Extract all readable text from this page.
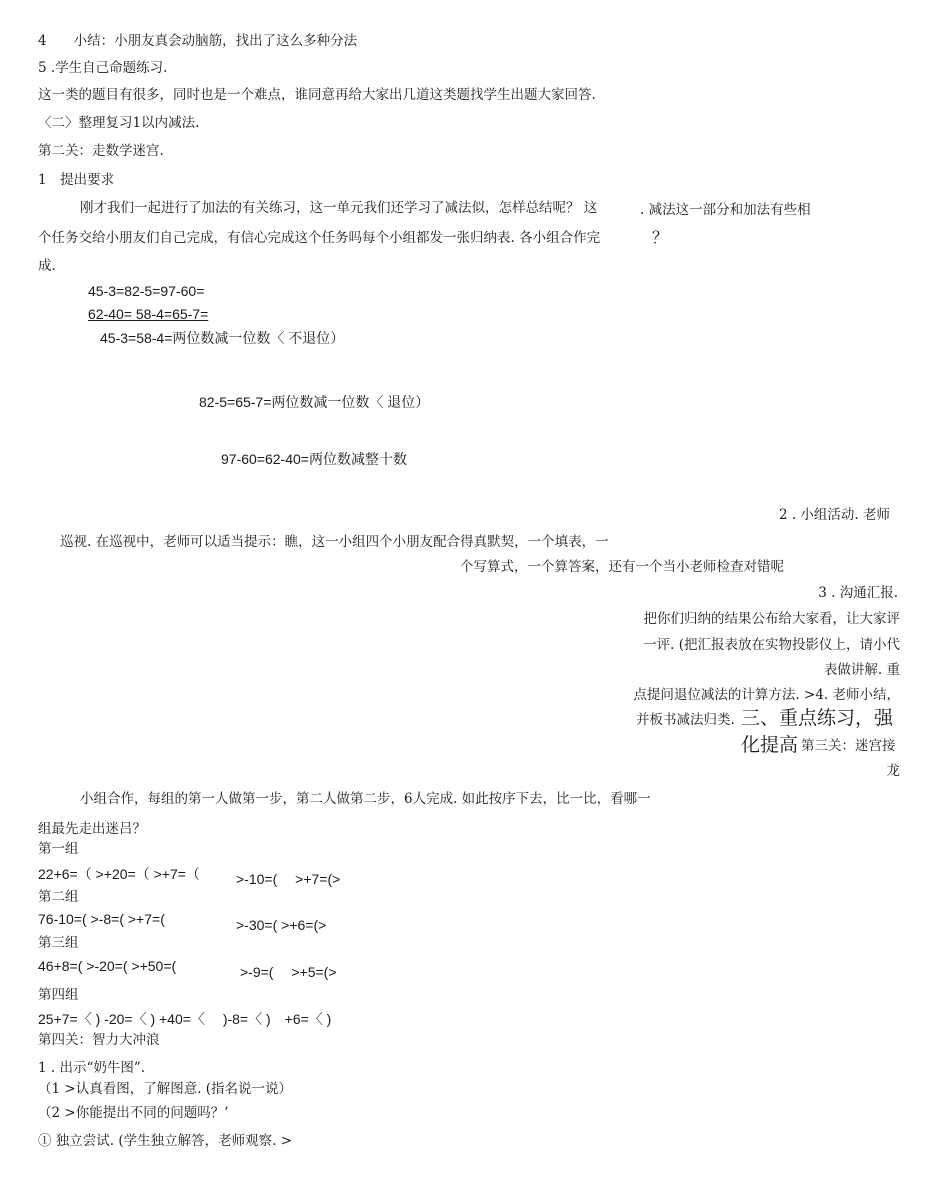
4　　小结：小朋友真会动脑筋，找出了这么多种分法
5 .学生自己命题练习.
这一类的题目有很多，同时也是一个难点，谁同意再给大家出几道这类题找学生出题大家回答.
〈二〉整理复习1以内减法.
第二关：走数学迷宫.
1　提出要求
刚才我们一起进行了加法的有关练习，这一单元我们还学习了减法似，怎样总结呢？ 这	. 减法这一部分和加法有些相
个任务交给小朋友们自己完成，有信心完成这个任务吗每个小组都发一张归纳表. 各小组合作完	？
成.
45-3=82-5=97-60=
62-40= 58-4=65-7=
45-3=58-4=两位数减一位数〈 不退位）
82-5=65-7=两位数减一位数〈 退位）
97-60=62-40=两位数减整十数
2 . 小组活动. 老师
巡视. 在巡视中，老师可以适当提示：瞧，这一小组四个小朋友配合得真默契，一个填表，一
个写算式，一个算答案，还有一个当小老师检查对错呢
3 . 沟通汇报.
把你们归纳的结果公布给大家看，让大家评
一评. (把汇报表放在实物投影仪上，请小代
表做讲解. 重
点提问退位减法的计算方法. >4. 老师小结，
并板书减法归类. 三、重点练习，强
化提高 第三关：迷宫接
龙
小组合作，每组的第一人做第一步，第二人做第二步，6人完成. 如此按序下去，比一比，看哪一
组最先走出迷吕？
第一组
22+6=（ >+20=（ >+7=（	>-10=(　 >+7=(>
第二组
76-10=( >-8=( >+7=(	>-30=( >+6=(>
第三组
46+8=( >-20=( >+50=(	>-9=(　 >+5=(>
第四组
25+7=〈 ) -20=〈 ) +40=〈　 )-8=〈 )　+6=〈 )
第四关：智力大冲浪
1 . 出示“奶牛图”.
（1 >认真看图，了解图意. (指名说一说）
（2 >你能提出不同的问题吗？’
① 独立尝试. (学生独立解答，老师观察. >
